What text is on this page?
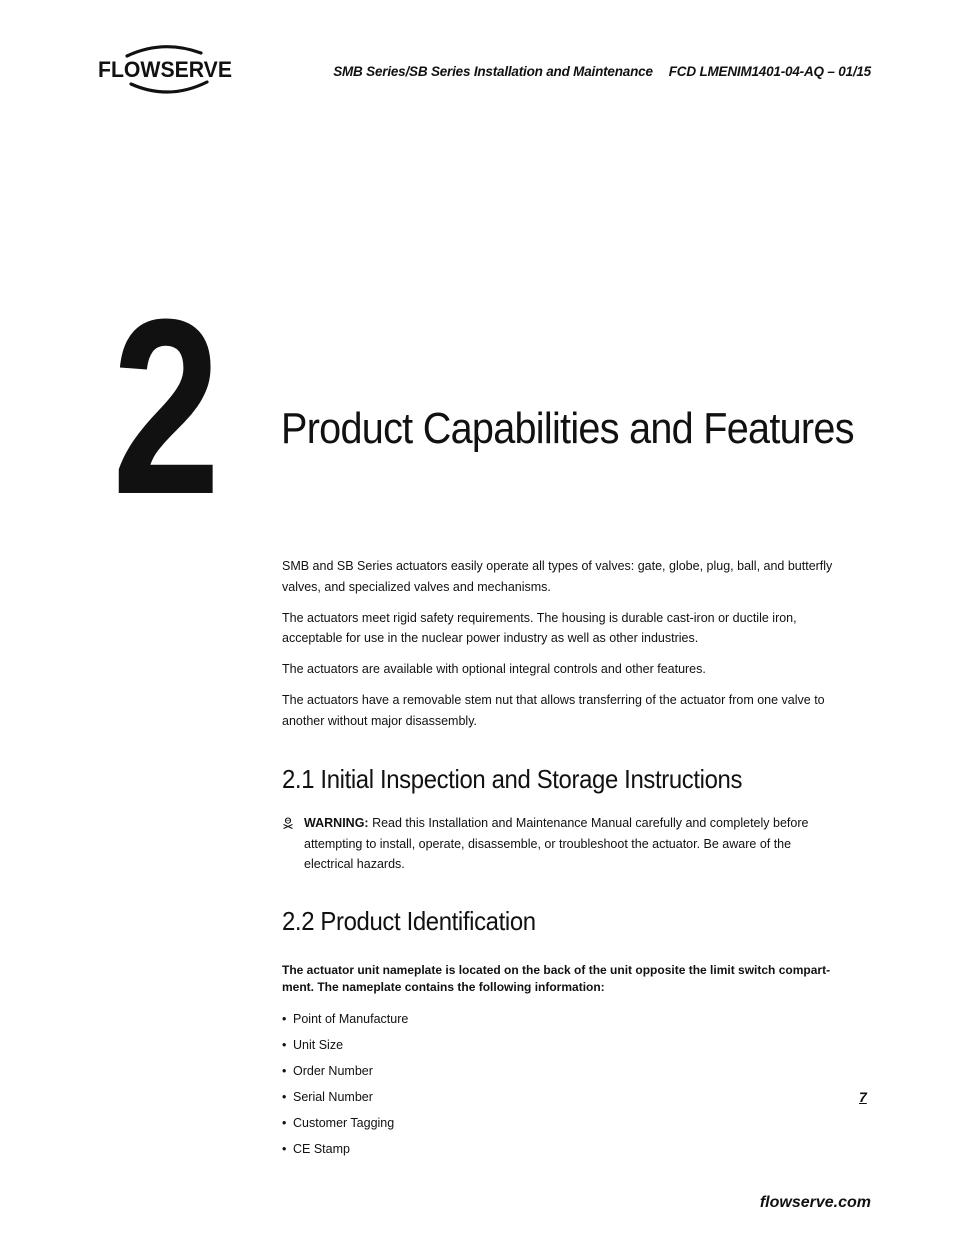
FLOWSERVE	SMB Series/SB Series Installation and Maintenance FCD LMENIM1401-04-AQ – 01/15
2 Product Capabilities and Features

SMB and SB Series actuators easily operate all types of valves: gate, globe, plug, ball, and butterfly valves, and specialized valves and mechanisms.

The actuators meet rigid safety requirements. The housing is durable cast-iron or ductile iron, acceptable for use in the nuclear power industry as well as other industries.

The actuators are available with optional integral controls and other features.

The actuators have a removable stem nut that allows transferring of the actuator from one valve to another without major disassembly.

2.1 Initial Inspection and Storage Instructions
WARNING: Read this Installation and Maintenance Manual carefully and completely before attempting to install, operate, disassemble, or troubleshoot the actuator. Be aware of the electrical hazards.
2.2 Product Identification

The actuator unit nameplate is located on the back of the unit opposite the limit switch compart-ment. The nameplate contains the following information:

• Point of Manufacture
• Unit Size
• Order Number
• Serial Number
• Customer Tagging
• CE Stamp
7
flowserve.com
